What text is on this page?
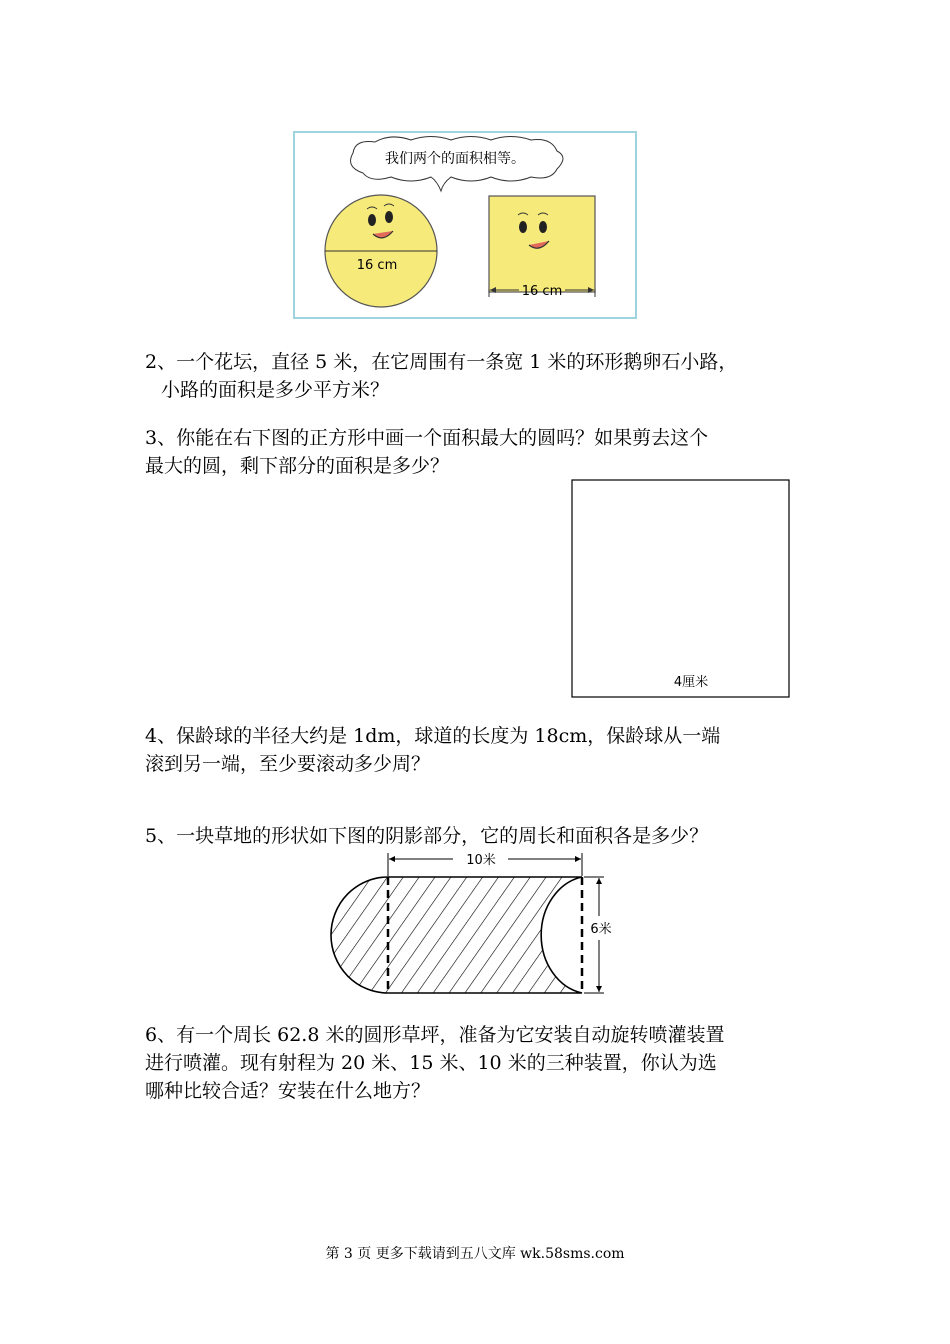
我们两个的面积相等。
16 cm
16 cm
2、一个花坛，直径 5 米，在它周围有一条宽 1 米的环形鹅卵石小路，
小路的面积是多少平方米？
3、你能在右下图的正方形中画一个面积最大的圆吗？如果剪去这个
最大的圆，剩下部分的面积是多少？
4厘米
4、保龄球的半径大约是 1dm，球道的长度为 18cm，保龄球从一端
滚到另一端，至少要滚动多少周？
5、一块草地的形状如下图的阴影部分，它的周长和面积各是多少？
10米
6米
6、有一个周长 62.8 米的圆形草坪，准备为它安装自动旋转喷灌装置
进行喷灌。现有射程为 20 米、15 米、10 米的三种装置，你认为选
哪种比较合适？安装在什么地方？
第 3 页 更多下载请到五八文库 wk.58sms.com
